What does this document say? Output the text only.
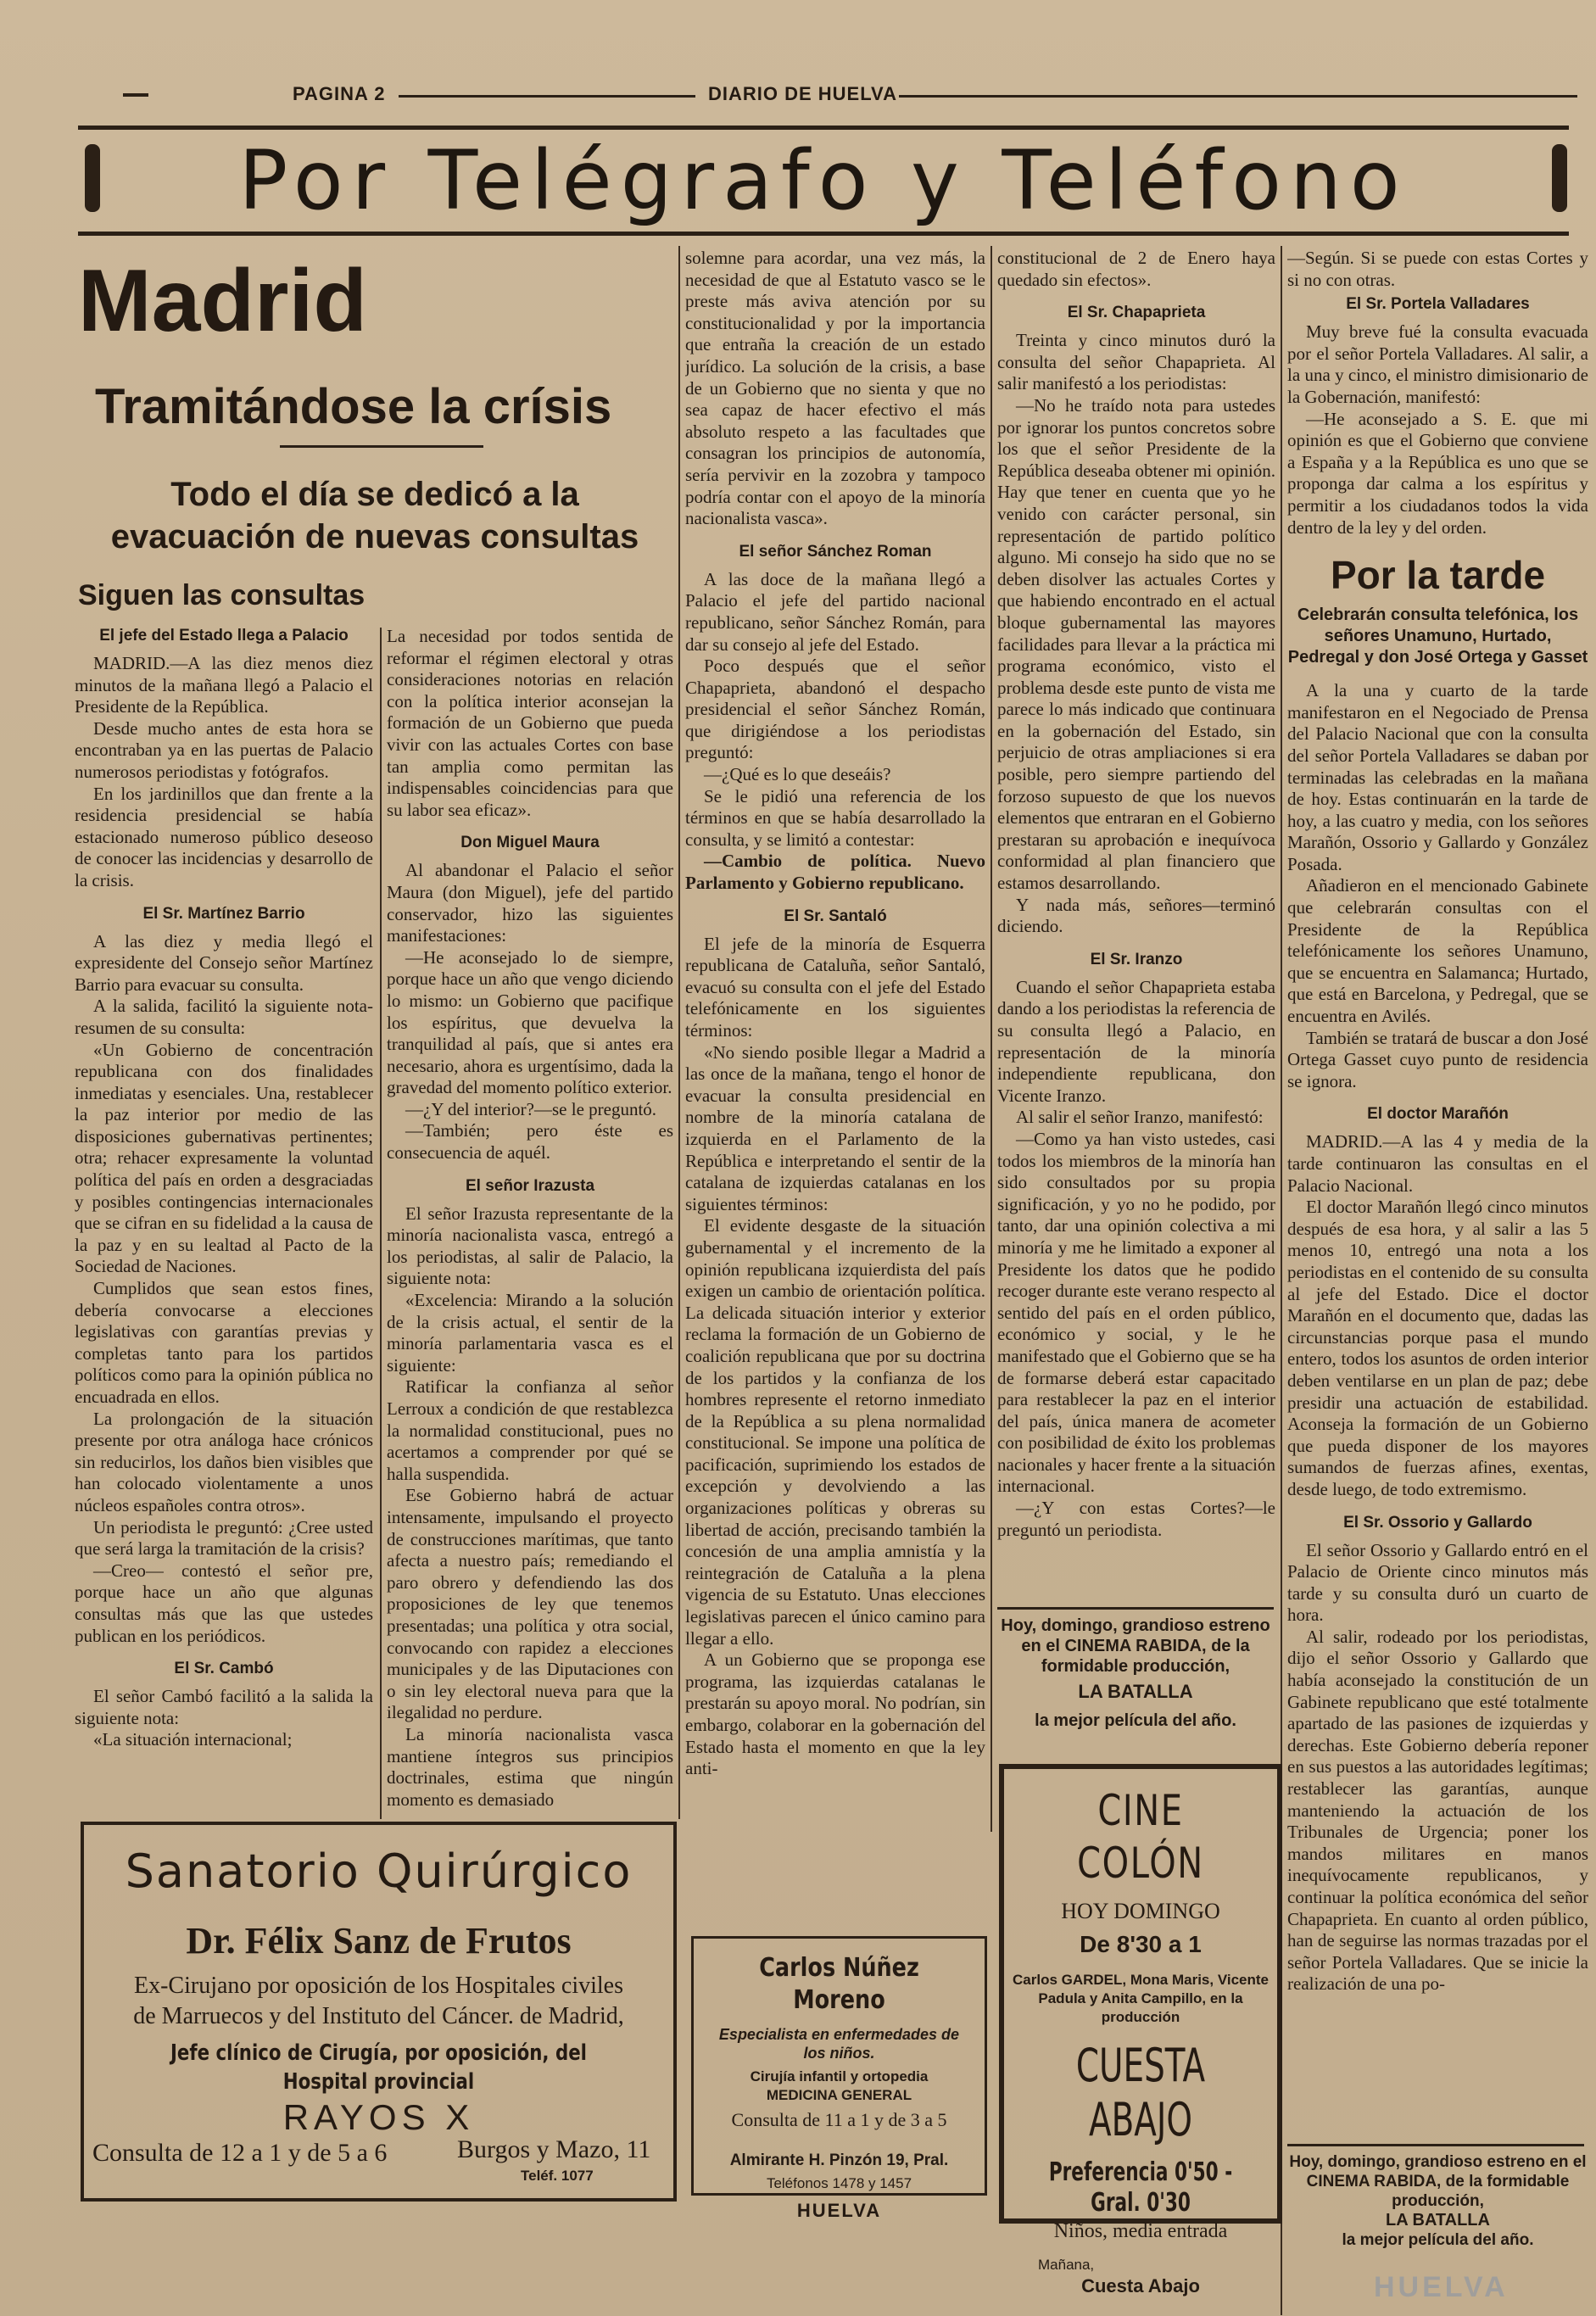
PAGINA 2	DIARIO DE HUELVA
Por Telégrafo y Teléfono
Madrid
Tramitándose la crísis
Todo el día se dedicó a la evacuación de nuevas consultas
Siguen las consultas
El jefe del Estado llega a Palacio

MADRID.—A las diez menos diez minutos de la mañana llegó a Palacio el Presidente de la República.

Desde mucho antes de esta hora se encontraban ya en las puertas de Palacio numerosos periodistas y fotógrafos.

En los jardinillos que dan frente a la residencia presidencial se había estacionado numeroso público deseoso de conocer las incidencias y desarrollo de la crisis.

El Sr. Martínez Barrio

A las diez y media llegó el expresidente del Consejo señor Martínez Barrio para evacuar su consulta.

A la salida, facilitó la siguiente nota-resumen de su consulta:

«Un Gobierno de concentración republicana con dos finalidades inmediatas y esenciales. Una, restablecer la paz interior por medio de las disposiciones gubernativas pertinentes; otra; rehacer expresamente la voluntad política del país en orden a desgraciadas y posibles contingencias internacionales que se cifran en su fidelidad a la causa de la paz y en su lealtad al Pacto de la Sociedad de Naciones.

Cumplidos que sean estos fines, debería convocarse a elecciones legislativas con garantías previas y completas tanto para los partidos políticos como para la opinión pública no encuadrada en ellos.

La prolongación de la situación presente por otra análoga hace crónicos sin reducirlos, los daños bien visibles que han colocado violentamente a unos núcleos españoles contra otros».

Un periodista le preguntó: ¿Cree usted que será larga la tramitación de la crisis?

—Creo— contestó el señor pre, porque hace un año que algunas consultas más que las que ustedes publican en los periódicos.

El Sr. Cambó

El señor Cambó facilitó a la salida la siguiente nota:

«La situación internacional;

La necesidad por todos sentida de reformar el régimen electoral y otras consideraciones notorias en relación con la política interior aconsejan la formación de un Gobierno que pueda vivir con las actuales Cortes con base tan amplia como permitan las indispensables coincidencias para que su labor sea eficaz».

Don Miguel Maura

Al abandonar el Palacio el señor Maura (don Miguel), jefe del partido conservador, hizo las siguientes manifestaciones:

—He aconsejado lo de siempre, porque hace un año que vengo diciendo lo mismo: un Gobierno que pacifique los espíritus, que devuelva la tranquilidad al país, que si antes era necesario, ahora es urgentísimo, dada la gravedad del momento político exterior.

—¿Y del interior?—se le preguntó.

—También; pero éste es consecuencia de aquél.

El señor Irazusta

El señor Irazusta representante de la minoría nacionalista vasca, entregó a los periodistas, al salir de Palacio, la siguiente nota:

«Excelencia: Mirando a la solución de la crisis actual, el sentir de la minoría parlamentaria vasca es el siguiente:

Ratificar la confianza al señor Lerroux a condición de que restablezca la normalidad constitucional, pues no acertamos a comprender por qué se halla suspendida.

Ese Gobierno habrá de actuar intensamente, impulsando el proyecto de construcciones marítimas, que tanto afecta a nuestro país; remediando el paro obrero y defendiendo las dos proposiciones de ley que tenemos presentadas; una política y otra social, convocando con rapidez a elecciones municipales y de las Diputaciones con o sin ley electoral nueva para que la ilegalidad no perdure.

La minoría nacionalista vasca mantiene íntegros sus principios doctrinales, estima que ningún momento es demasiado

solemne para acordar, una vez más, la necesidad de que al Estatuto vasco se le preste más aviva atención por su constitucionalidad y por la importancia que entraña la creación de un estado jurídico. La solución de la crisis, a base de un Gobierno que no sienta y que no sea capaz de hacer efectivo el más absoluto respeto a las facultades que consagran los principios de autonomía, sería pervivir en la zozobra y tampoco podría contar con el apoyo de la minoría nacionalista vasca».

El señor Sánchez Roman

A las doce de la mañana llegó a Palacio el jefe del partido nacional republicano, señor Sánchez Román, para dar su consejo al jefe del Estado.

Poco después que el señor Chapaprieta, abandonó el despacho presidencial el señor Sánchez Román, que dirigiéndose a los periodistas preguntó:

—¿Qué es lo que deseáis?

Se le pidió una referencia de los términos en que se había desarrollado la consulta, y se limitó a contestar:

—Cambio de política. Nuevo Parlamento y Gobierno republicano.

El Sr. Santaló

El jefe de la minoría de Esquerra republicana de Cataluña, señor Santaló, evacuó su consulta con el jefe del Estado telefónicamente en los siguientes términos:

«No siendo posible llegar a Madrid a las once de la mañana, tengo el honor de evacuar la consulta presidencial en nombre de la minoría catalana de izquierda en el Parlamento de la República e interpretando el sentir de la catalana de izquierdas catalanas en los siguientes términos:

El evidente desgaste de la situación gubernamental y el incremento de la opinión republicana izquierdista del país exigen un cambio de orientación política. La delicada situación interior y exterior reclama la formación de un Gobierno de coalición republicana que por su doctrina de los partidos y la confianza de los hombres represente el retorno inmediato de la República a su plena normalidad constitucional. Se impone una política de pacificación, suprimiendo los estados de excepción y devolviendo a las organizaciones políticas y obreras su libertad de acción, precisando también la concesión de una amplia amnistía y la reintegración de Cataluña a la plena vigencia de su Estatuto. Unas elecciones legislativas parecen el único camino para llegar a ello.

A un Gobierno que se proponga ese programa, las izquierdas catalanas le prestarán su apoyo moral. No podrían, sin embargo, colaborar en la gobernación del Estado hasta el momento en que la ley anti-

constitucional de 2 de Enero haya quedado sin efectos».

El Sr. Chapaprieta

Treinta y cinco minutos duró la consulta del señor Chapaprieta. Al salir manifestó a los periodistas:

—No he traído nota para ustedes por ignorar los puntos concretos sobre los que el señor Presidente de la República deseaba obtener mi opinión. Hay que tener en cuenta que yo he venido con carácter personal, sin representación de partido político alguno. Mi consejo ha sido que no se deben disolver las actuales Cortes y que habiendo encontrado en el actual bloque gubernamental las mayores facilidades para llevar a la práctica mi programa económico, visto el problema desde este punto de vista me parece lo más indicado que continuara en la gobernación del Estado, sin perjuicio de otras ampliaciones si era posible, pero siempre partiendo del forzoso supuesto de que los nuevos elementos que entraran en el Gobierno prestaran su aprobación e inequívoca conformidad al plan financiero que estamos desarrollando.

Y nada más, señores—terminó diciendo.

El Sr. Iranzo

Cuando el señor Chapaprieta estaba dando a los periodistas la referencia de su consulta llegó a Palacio, en representación de la minoría independiente republicana, don Vicente Iranzo.

Al salir el señor Iranzo, manifestó:

—Como ya han visto ustedes, casi todos los miembros de la minoría han sido consultados por su propia significación, y yo no he podido, por tanto, dar una opinión colectiva a mi minoría y me he limitado a exponer al Presidente los datos que he podido recoger durante este verano respecto al sentido del país en el orden público, económico y social, y le he manifestado que el Gobierno que se ha de formarse deberá estar capacitado para restablecer la paz en el interior del país, única manera de acometer con posibilidad de éxito los problemas nacionales y hacer frente a la situación internacional.

—¿Y con estas Cortes?—le preguntó un periodista.

Hoy, domingo, grandioso estreno en el CINEMA RABIDA, de la formidable producción,
LA BATALLA
la mejor película del año.

—Según. Si se puede con estas Cortes y si no con otras.

El Sr. Portela Valladares

Muy breve fué la consulta evacuada por el señor Portela Valladares. Al salir, a la una y cinco, el ministro dimisionario de la Gobernación, manifestó:

—He aconsejado a S. E. que mi opinión es que el Gobierno que conviene a España y a la República es uno que se proponga dar calma a los espíritus y permitir a los ciudadanos todos la vida dentro de la ley y del orden.

Por la tarde
Celebrarán consulta telefónica, los señores Unamuno, Hurtado, Pedregal y don José Ortega y Gasset

A la una y cuarto de la tarde manifestaron en el Negociado de Prensa del Palacio Nacional que con la consulta del señor Portela Valladares se daban por terminadas las celebradas en la mañana de hoy. Estas continuarán en la tarde de hoy, a las cuatro y media, con los señores Marañón, Ossorio y Gallardo y González Posada.

Añadieron en el mencionado Gabinete que celebrarán consultas con el Presidente de la República telefónicamente los señores Unamuno, que se encuentra en Salamanca; Hurtado, que está en Barcelona, y Pedregal, que se encuentra en Avilés.

También se tratará de buscar a don José Ortega Gasset cuyo punto de residencia se ignora.

El doctor Marañón

MADRID.—A las 4 y media de la tarde continuaron las consultas en el Palacio Nacional.

El doctor Marañón llegó cinco minutos después de esa hora, y al salir a las 5 menos 10, entregó una nota a los periodistas en el contenido de su consulta al jefe del Estado. Dice el doctor Marañón en el documento que, dadas las circunstancias porque pasa el mundo entero, todos los asuntos de orden interior deben ventilarse en un plan de paz; debe presidir una actuación de estabilidad. Aconseja la formación de un Gobierno que pueda disponer de los mayores sumandos de fuerzas afines, exentas, desde luego, de todo extremismo.

El Sr. Ossorio y Gallardo

El señor Ossorio y Gallardo entró en el Palacio de Oriente cinco minutos más tarde y su consulta duró un cuarto de hora.

Al salir, rodeado por los periodistas, dijo el señor Ossorio y Gallardo que había aconsejado la constitución de un Gabinete republicano que esté totalmente apartado de las pasiones de izquierdas y derechas. Este Gobierno debería reponer en sus puestos a las autoridades legítimas; restablecer las garantías, aunque manteniendo la actuación de los Tribunales de Urgencia; poner los mandos militares en manos inequívocamente republicanos, y continuar la política económica del señor Chapaprieta. En cuanto al orden público, han de seguirse las normas trazadas por el señor Portela Valladares. Que se inicie la realización de una po-

Hoy, domingo, grandioso estreno en el CINEMA RABIDA, de la formidable producción,
LA BATALLA
la mejor película del año.
Sanatorio Quirúrgico
Dr. Félix Sanz de Frutos
Ex-Cirujano por oposición de los Hospitales civiles
de Marruecos y del Instituto del Cáncer. de Madrid,
Jefe clínico de Cirugía, por oposición, del Hospital provincial
RAYOS X
Consulta de 12 a 1 y de 5 a 6	Burgos y Mazo, 11
Teléf. 1077
Carlos Núñez Moreno
Especialista en enfermedades de los niños.
Cirujía infantil y ortopedia
MEDICINA GENERAL
Consulta de 11 a 1 y de 3 a 5
Almirante H. Pinzón 19, Pral.
Teléfonos 1478 y 1457
HUELVA
CINE COLÓN
HOY DOMINGO
De 8'30 a 1
Carlos GARDEL, Mona Maris, Vicente Padula y Anita Campillo, en la producción
CUESTA ABAJO
Preferencia 0'50 - Gral. 0'30
Niños, media entrada
Mañana,
Cuesta Abajo	HUELVA
